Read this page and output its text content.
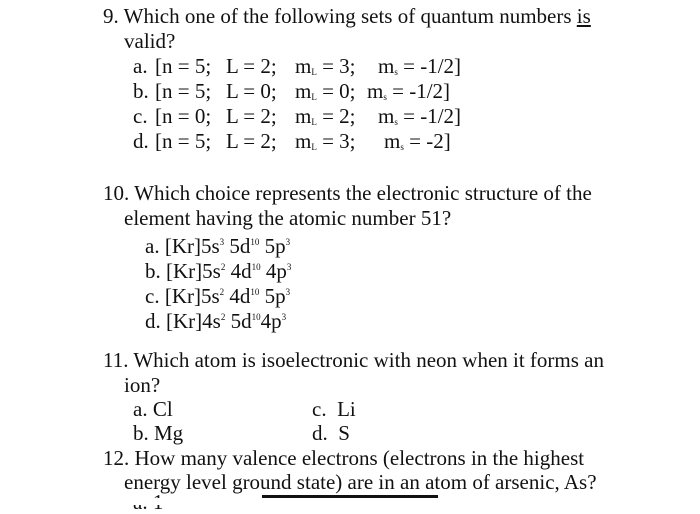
9. Which one of the following sets of quantum numbers is
valid?
a. [n = 5; L = 2; $m_L = 3$; $m_s = -1/2$]
b. [n = 5; L = 0; $m_L = 0$; $m_s = -1/2$]
c. [n = 0; L = 2; $m_L = 2$; $m_s = -1/2$]
d. [n = 5; L = 2; $m_L = 3$; $m_s = -2$]
10. Which choice represents the electronic structure of the
element having the atomic number 51?
a. $[Kr]5s^3$ $5d^{10}$ $5p^3$
b. $[Kr]5s^2$ $4d^{10}$ $4p^3$
c. $[Kr]5s^2$ $4d^{10}$ $5p^3$
d. $[Kr]4s^2$ $5d^{10}4p^3$
11. Which atom is isoelectronic with neon when it forms an
ion?
a. Cl	c. Li
b. Mg	d. S
12. How many valence electrons (electrons in the highest
energy level ground state) are in an atom of arsenic, As?
